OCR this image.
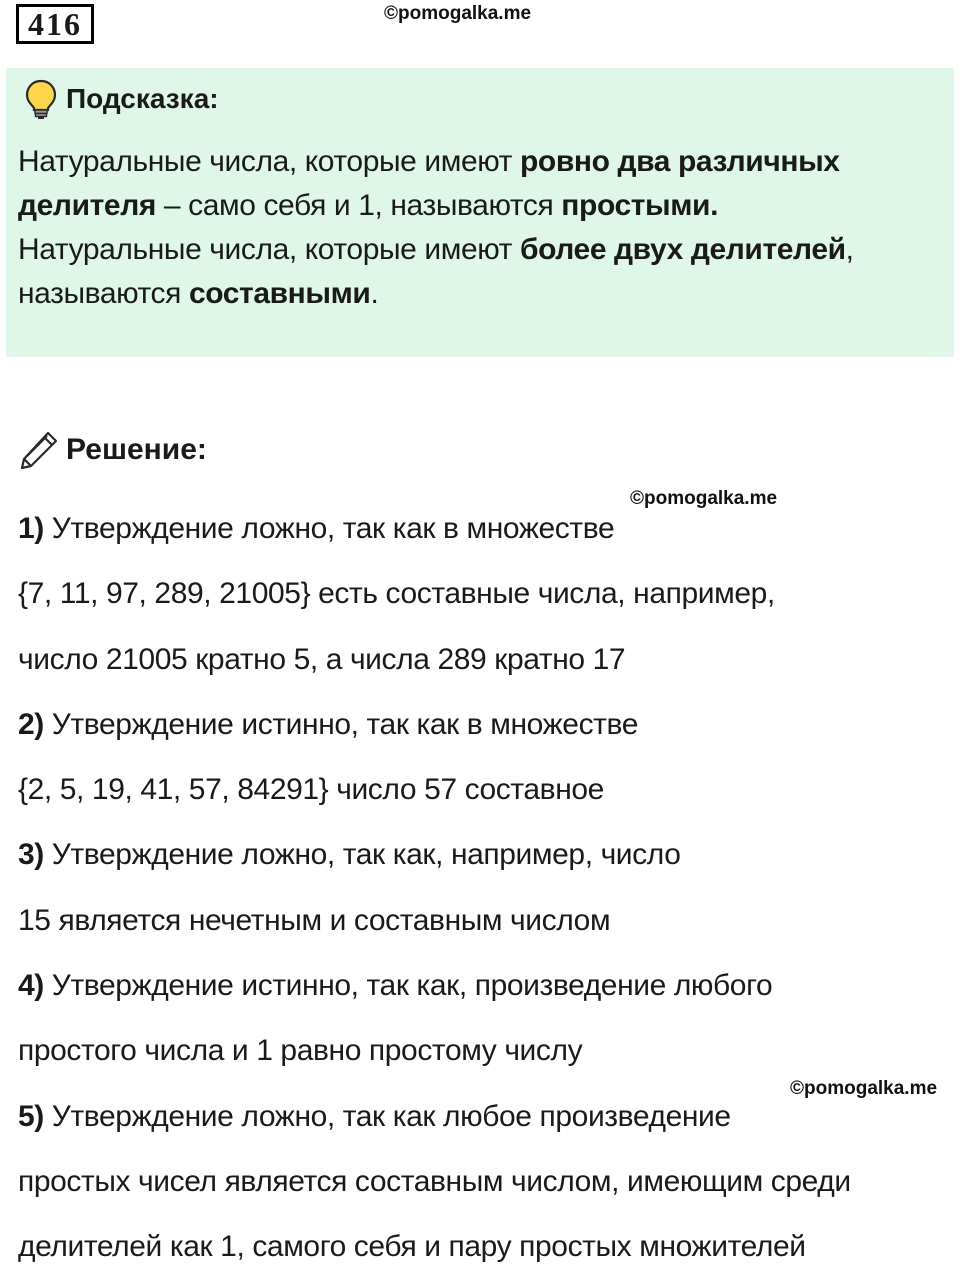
416	©pomogalka.me
Подсказка:
Натуральные числа, которые имеют ровно два различных делителя – само себя и 1, называются простыми.
Натуральные числа, которые имеют более двух делителей, называются составными.
Решение:
1) Утверждение ложно, так как в множестве
{7, 11, 97, 289, 21005} есть составные числа, например,
число 21005 кратно 5, а числа 289 кратно 17
2) Утверждение истинно, так как в множестве
{2, 5, 19, 41, 57, 84291} число 57 составное
3) Утверждение ложно, так как, например, число
15 является нечетным и составным числом
4) Утверждение истинно, так как, произведение любого
простого числа и 1 равно простому числу
5) Утверждение ложно, так как любое произведение
простых чисел является составным числом, имеющим среди
делителей как 1, самого себя и пару простых множителей
©pomogalka.me
©pomogalka.me
